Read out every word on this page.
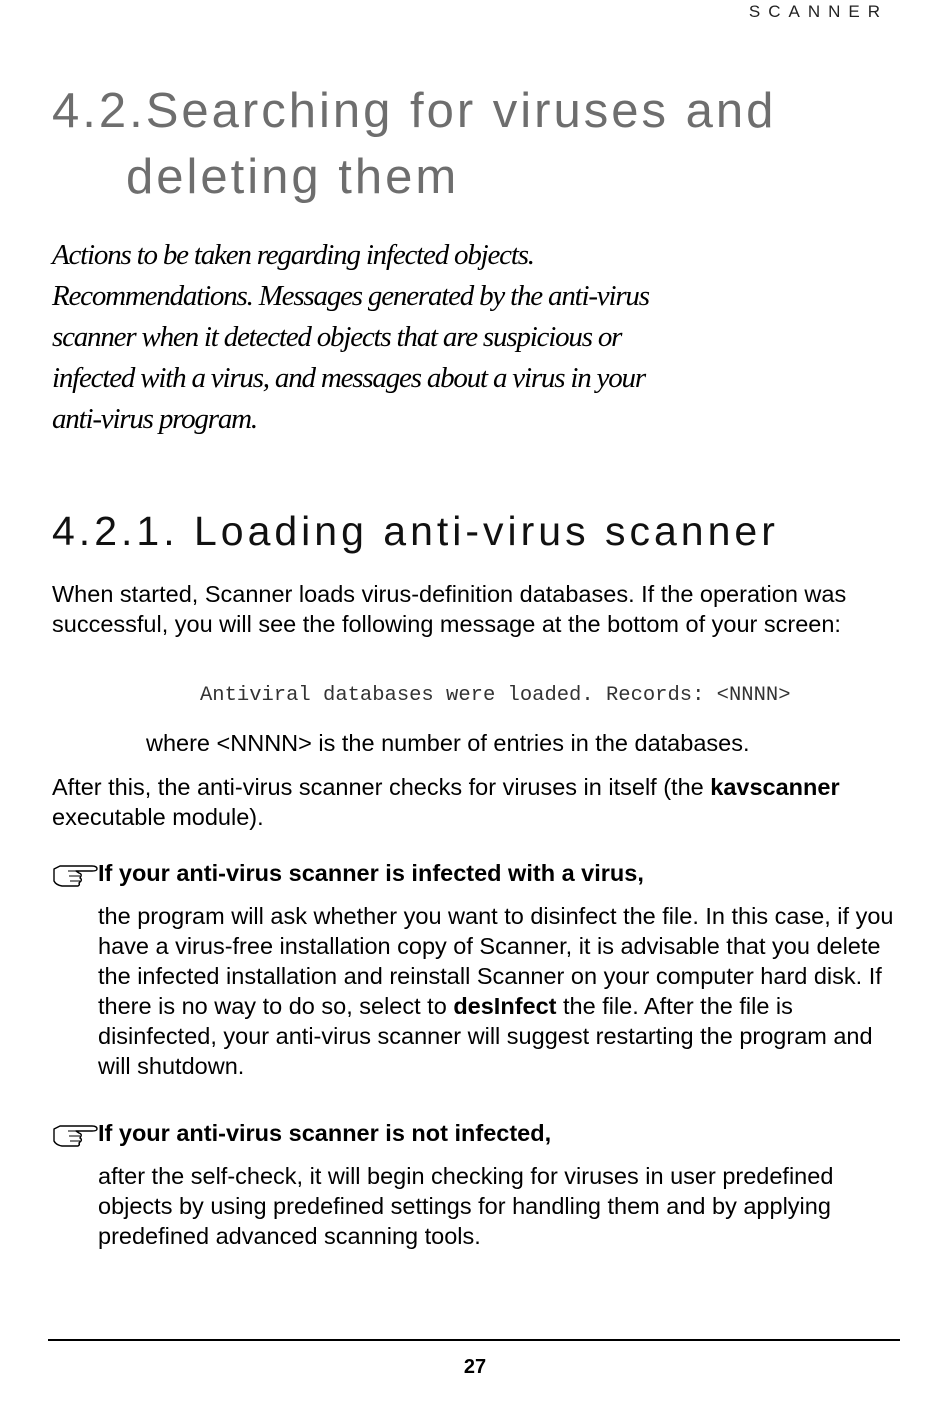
SCANNER
4.2.Searching for viruses and
deleting them

Actions to be taken regarding infected objects. Recommendations. Messages generated by the anti-virus scanner when it detected objects that are suspicious or infected with a virus, and messages about a virus in your anti-virus program.

4.2.1. Loading anti-virus scanner

When started, Scanner loads virus-definition databases. If the operation was successful, you will see the following message at the bottom of your screen:

Antiviral databases were loaded. Records: <NNNN>

where <NNNN> is the number of entries in the databases.

After this, the anti-virus scanner checks for viruses in itself (the kavscanner executable module).

If your anti-virus scanner is infected with a virus,
the program will ask whether you want to disinfect the file. In this case, if you have a virus-free installation copy of Scanner, it is advisable that you delete the infected installation and reinstall Scanner on your computer hard disk. If there is no way to do so, select to desInfect the file. After the file is disinfected, your anti-virus scanner will suggest restarting the program and will shutdown.
If your anti-virus scanner is not infected,
after the self-check, it will begin checking for viruses in user predefined objects by using predefined settings for handling them and by applying predefined advanced scanning tools.
27
